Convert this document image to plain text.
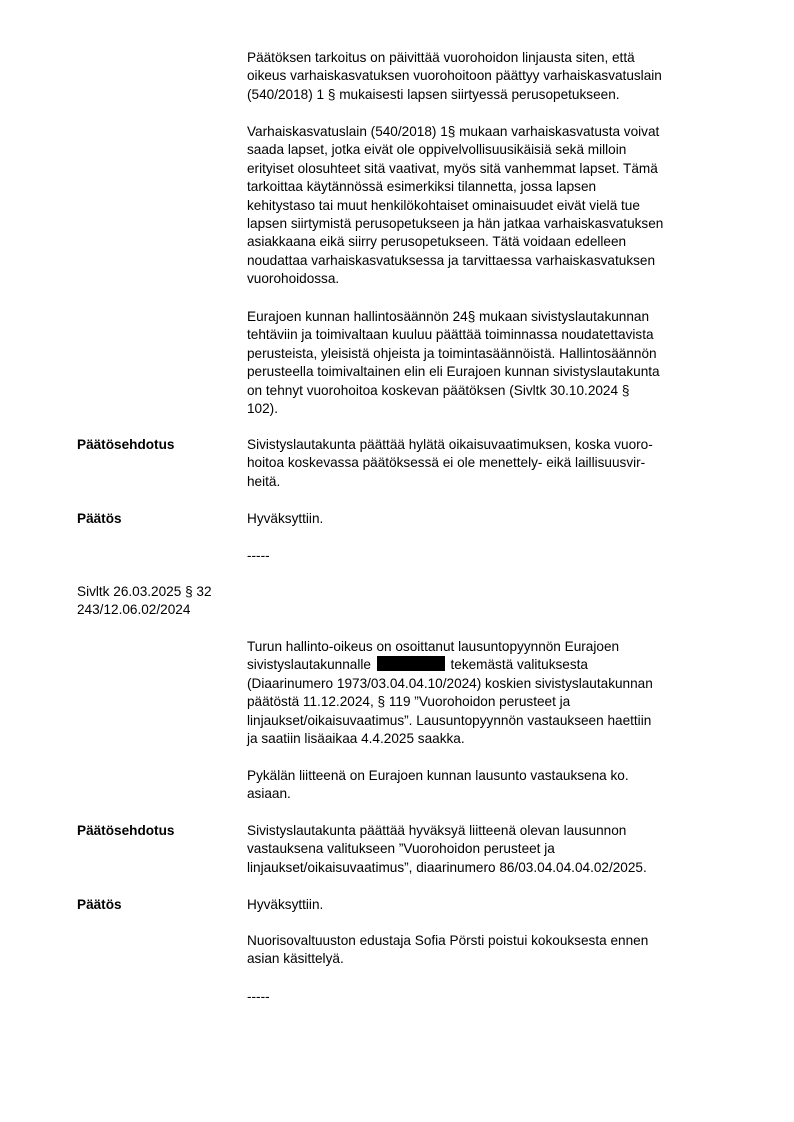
Päätöksen tarkoitus on päivittää vuorohoidon linjausta siten, että
oikeus varhaiskasvatuksen vuorohoitoon päättyy varhaiskasvatuslain
(540/2018) 1 § mukaisesti lapsen siirtyessä perusopetukseen.

Varhaiskasvatuslain (540/2018) 1§ mukaan varhaiskasvatusta voivat
saada lapset, jotka eivät ole oppivelvollisuusikäisiä sekä milloin
erityiset olosuhteet sitä vaativat, myös sitä vanhemmat lapset. Tämä
tarkoittaa käytännössä esimerkiksi tilannetta, jossa lapsen
kehitystaso tai muut henkilökohtaiset ominaisuudet eivät vielä tue
lapsen siirtymistä perusopetukseen ja hän jatkaa varhaiskasvatuksen
asiakkaana eikä siirry perusopetukseen. Tätä voidaan edelleen
noudattaa varhaiskasvatuksessa ja tarvittaessa varhaiskasvatuksen
vuorohoidossa.

Eurajoen kunnan hallintosäännön 24§ mukaan sivistyslautakunnan
tehtäviin ja toimivaltaan kuuluu päättää toiminnassa noudatettavista
perusteista, yleisistä ohjeista ja toimintasäännöistä. Hallintosäännön
perusteella toimivaltainen elin eli Eurajoen kunnan sivistyslautakunta
on tehnyt vuorohoitoa koskevan päätöksen (Sivltk 30.10.2024 §
102).

Päätösehdotus	Sivistyslautakunta päättää hylätä oikaisuvaatimuksen, koska vuoro-
hoitoa koskevassa päätöksessä ei ole menettely- eikä laillisuusvir-
heitä.

Päätös	Hyväksyttiin.

-----

Sivltk 26.03.2025 § 32

243/12.06.02/2024

Turun hallinto-oikeus on osoittanut lausuntopyynnön Eurajoen
sivistyslautakunnalle	tekemästä valituksesta
(Diaarinumero 1973/03.04.04.10/2024) koskien sivistyslautakunnan
päätöstä 11.12.2024, § 119 ”Vuorohoidon perusteet ja
linjaukset/oikaisuvaatimus”. Lausuntopyynnön vastaukseen haettiin
ja saatiin lisäaikaa 4.4.2025 saakka.

Pykälän liitteenä on Eurajoen kunnan lausunto vastauksena ko.
asiaan.

Päätösehdotus	Sivistyslautakunta päättää hyväksyä liitteenä olevan lausunnon
vastauksena valitukseen ”Vuorohoidon perusteet ja
linjaukset/oikaisuvaatimus”, diaarinumero 86/03.04.04.04.02/2025.

Päätös	Hyväksyttiin.

Nuorisovaltuuston edustaja Sofia Pörsti poistui kokouksesta ennen
asian käsittelyä.

-----
